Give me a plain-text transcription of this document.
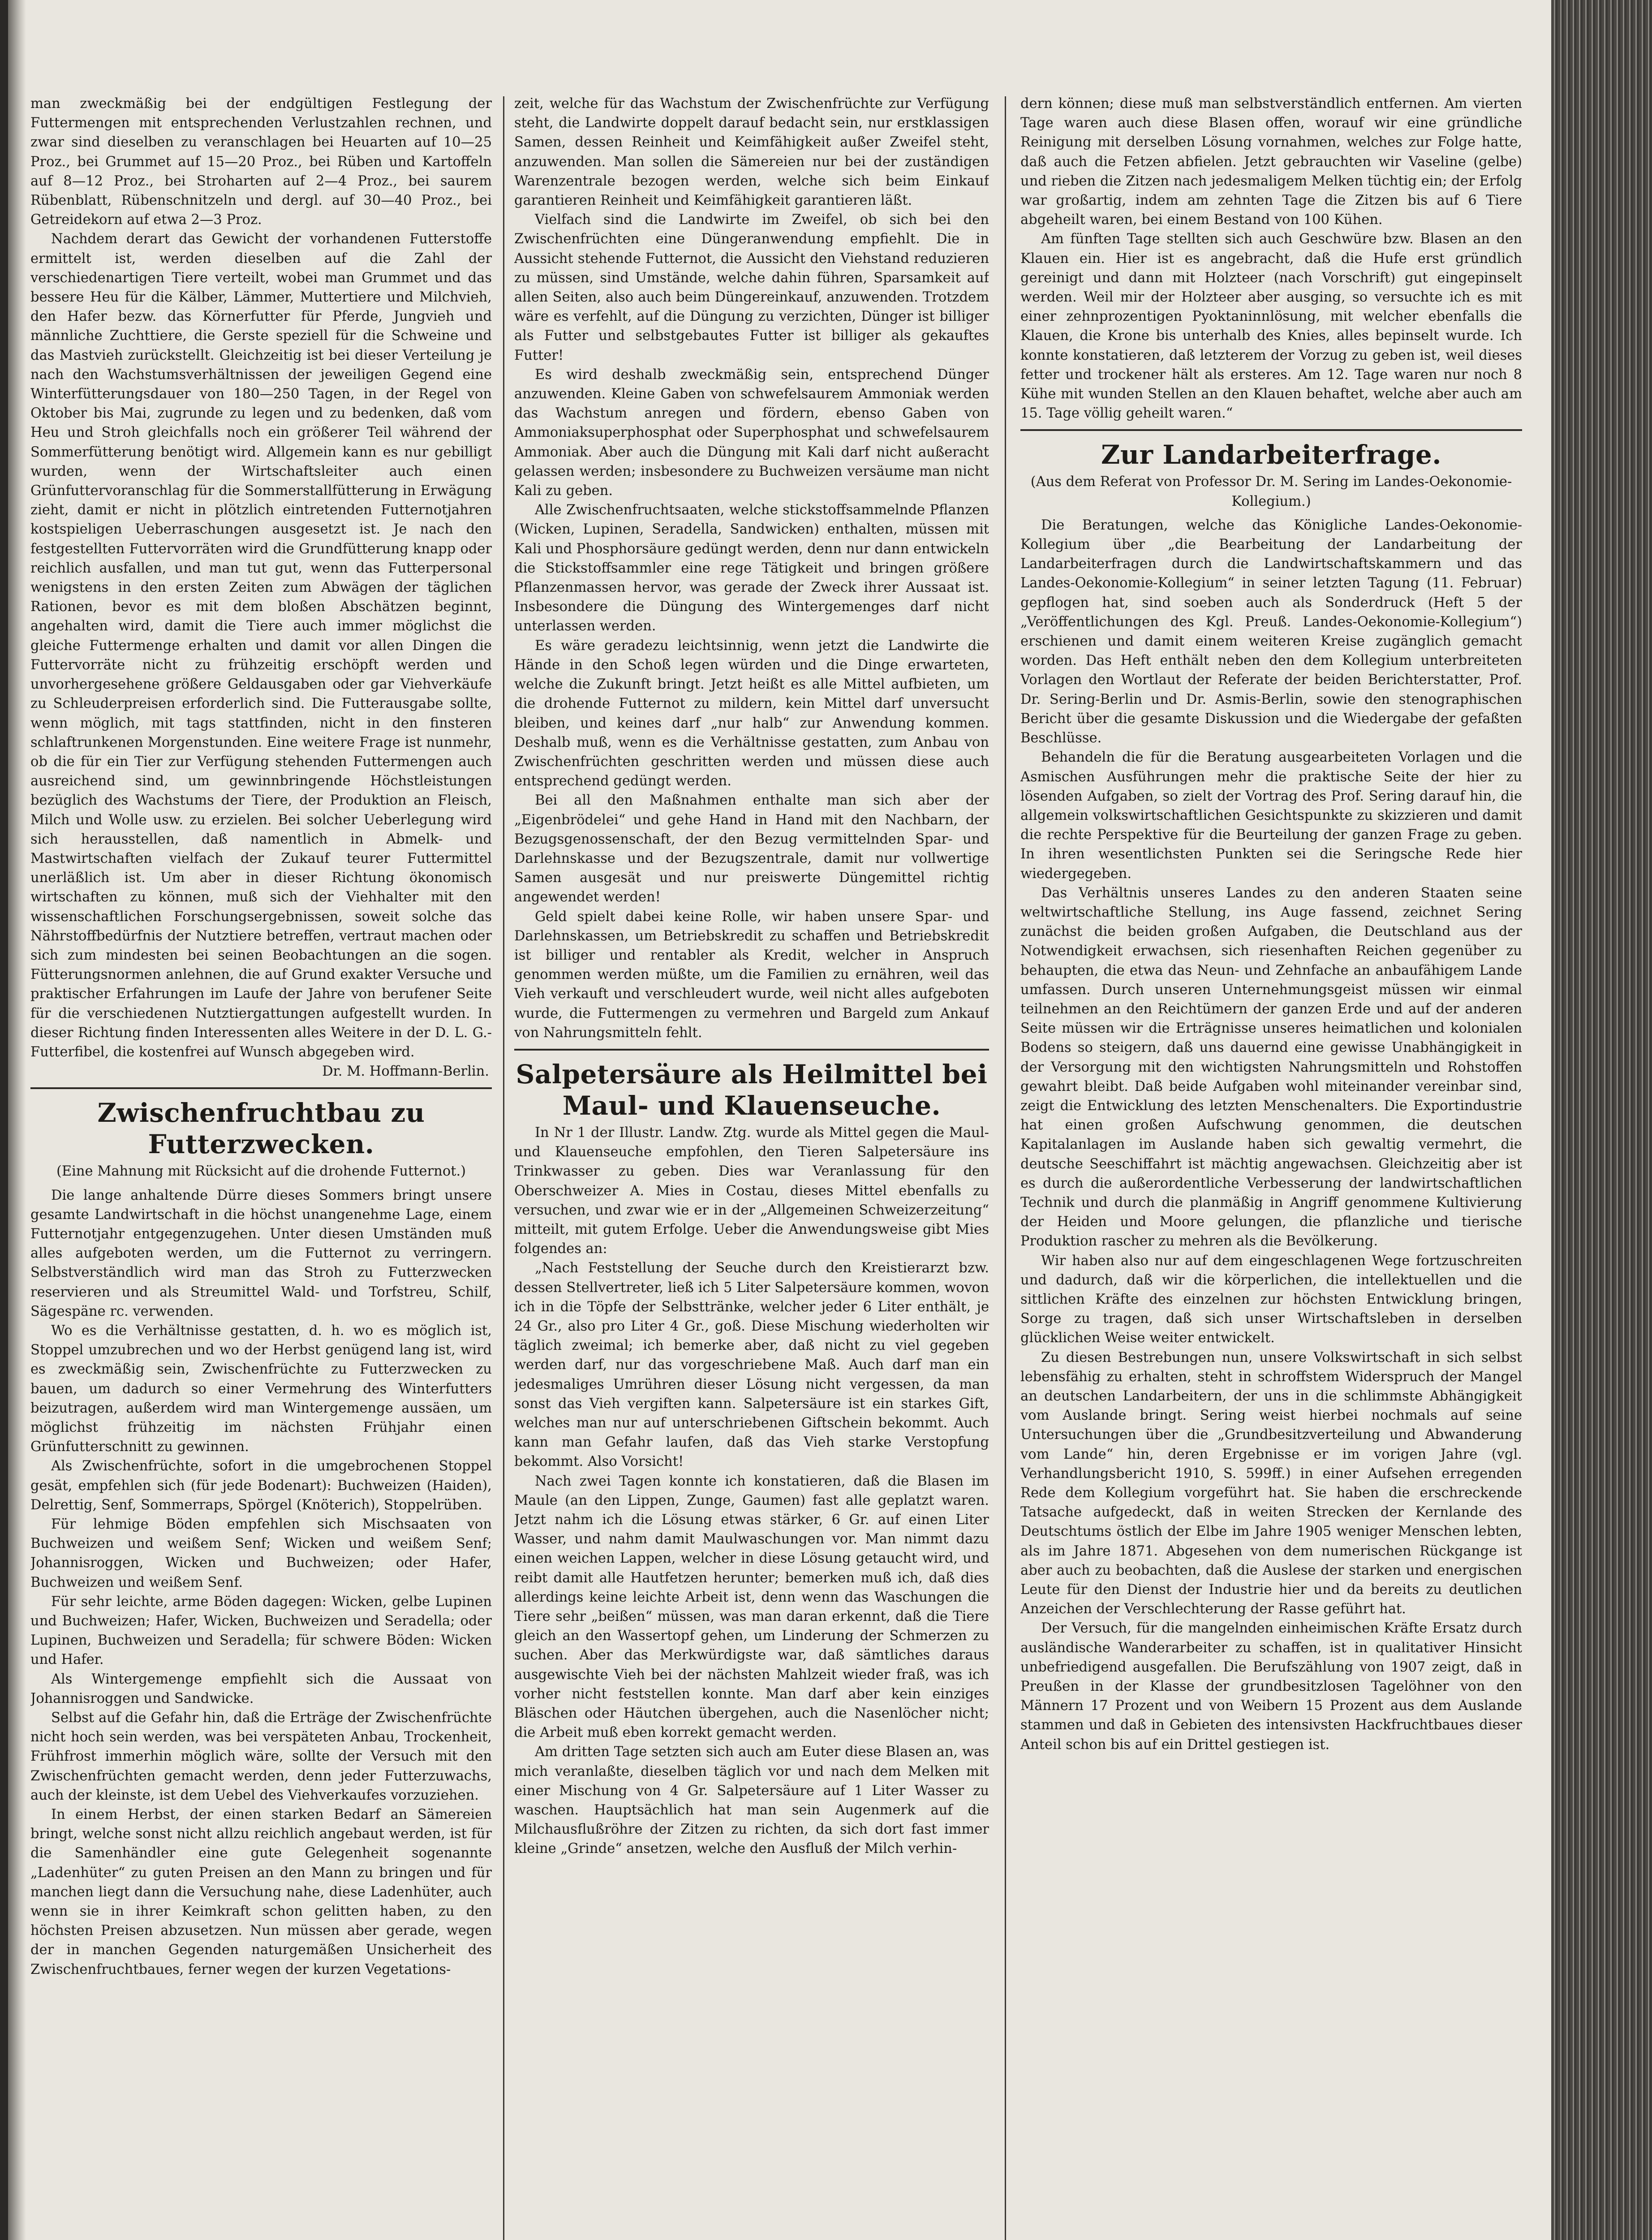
man zweckmäßig bei der endgültigen Festlegung der Futtermengen mit entsprechenden Verlustzahlen rechnen, und zwar sind dieselben zu veranschlagen bei Heuarten auf 10—25 Proz., bei Grummet auf 15—20 Proz., bei Rüben und Kartoffeln auf 8—12 Proz., bei Stroharten auf 2—4 Proz., bei saurem Rübenblatt, Rübenschnitzeln und dergl. auf 30—40 Proz., bei Getreidekorn auf etwa 2—3 Proz.

Nachdem derart das Gewicht der vorhandenen Futterstoffe ermittelt ist, werden dieselben auf die Zahl der verschiedenartigen Tiere verteilt, wobei man Grummet und das bessere Heu für die Kälber, Lämmer, Muttertiere und Milchvieh, den Hafer bezw. das Körnerfutter für Pferde, Jungvieh und männliche Zuchttiere, die Gerste speziell für die Schweine und das Mastvieh zurückstellt. Gleichzeitig ist bei dieser Verteilung je nach den Wachstumsverhältnissen der jeweiligen Gegend eine Winterfütterungsdauer von 180—250 Tagen, in der Regel von Oktober bis Mai, zugrunde zu legen und zu bedenken, daß vom Heu und Stroh gleichfalls noch ein größerer Teil während der Sommerfütterung benötigt wird. Allgemein kann es nur gebilligt wurden, wenn der Wirtschaftsleiter auch einen Grünfuttervoranschlag für die Sommerstallfütterung in Erwägung zieht, damit er nicht in plötzlich eintretenden Futternotjahren kostspieligen Ueberraschungen ausgesetzt ist. Je nach den festgestellten Futtervorräten wird die Grundfütterung knapp oder reichlich ausfallen, und man tut gut, wenn das Futterpersonal wenigstens in den ersten Zeiten zum Abwägen der täglichen Rationen, bevor es mit dem bloßen Abschätzen beginnt, angehalten wird, damit die Tiere auch immer möglichst die gleiche Futtermenge erhalten und damit vor allen Dingen die Futtervorräte nicht zu frühzeitig erschöpft werden und unvorhergesehene größere Geldausgaben oder gar Viehverkäufe zu Schleuderpreisen erforderlich sind. Die Futterausgabe sollte, wenn möglich, mit tags stattfinden, nicht in den finsteren schlaftrunkenen Morgenstunden. Eine weitere Frage ist nunmehr, ob die für ein Tier zur Verfügung stehenden Futtermengen auch ausreichend sind, um gewinnbringende Höchstleistungen bezüglich des Wachstums der Tiere, der Produktion an Fleisch, Milch und Wolle usw. zu erzielen. Bei solcher Ueberlegung wird sich herausstellen, daß namentlich in Abmelk- und Mastwirtschaften vielfach der Zukauf teurer Futtermittel unerläßlich ist. Um aber in dieser Richtung ökonomisch wirtschaften zu können, muß sich der Viehhalter mit den wissenschaftlichen Forschungsergebnissen, soweit solche das Nährstoffbedürfnis der Nutztiere betreffen, vertraut machen oder sich zum mindesten bei seinen Beobachtungen an die sogen. Fütterungsnormen anlehnen, die auf Grund exakter Versuche und praktischer Erfahrungen im Laufe der Jahre von berufener Seite für die verschiedenen Nutztiergattungen aufgestellt wurden. In dieser Richtung finden Interessenten alles Weitere in der D. L. G.-Futterfibel, die kostenfrei auf Wunsch abgegeben wird.

Dr. M. Hoffmann-Berlin.

Zwischenfruchtbau zu Futterzwecken.
(Eine Mahnung mit Rücksicht auf die drohende Futternot.)

Die lange anhaltende Dürre dieses Sommers bringt unsere gesamte Landwirtschaft in die höchst unangenehme Lage, einem Futternotjahr entgegenzugehen. Unter diesen Umständen muß alles aufgeboten werden, um die Futternot zu verringern. Selbstverständlich wird man das Stroh zu Futterzwecken reservieren und als Streumittel Wald- und Torfstreu, Schilf, Sägespäne rc. verwenden.

Wo es die Verhältnisse gestatten, d. h. wo es möglich ist, Stoppel umzubrechen und wo der Herbst genügend lang ist, wird es zweckmäßig sein, Zwischenfrüchte zu Futterzwecken zu bauen, um dadurch so einer Vermehrung des Winterfutters beizutragen, außerdem wird man Wintergemenge aussäen, um möglichst frühzeitig im nächsten Frühjahr einen Grünfutterschnitt zu gewinnen.

Als Zwischenfrüchte, sofort in die umgebrochenen Stoppel gesät, empfehlen sich (für jede Bodenart): Buchweizen (Haiden), Delrettig, Senf, Sommerraps, Spörgel (Knöterich), Stoppelrüben.

Für lehmige Böden empfehlen sich Mischsaaten von Buchweizen und weißem Senf; Wicken und weißem Senf; Johannisroggen, Wicken und Buchweizen; oder Hafer, Buchweizen und weißem Senf.

Für sehr leichte, arme Böden dagegen: Wicken, gelbe Lupinen und Buchweizen; Hafer, Wicken, Buchweizen und Seradella; oder Lupinen, Buchweizen und Seradella; für schwere Böden: Wicken und Hafer.

Als Wintergemenge empfiehlt sich die Aussaat von Johannisroggen und Sandwicke.

Selbst auf die Gefahr hin, daß die Erträge der Zwischenfrüchte nicht hoch sein werden, was bei verspäteten Anbau, Trockenheit, Frühfrost immerhin möglich wäre, sollte der Versuch mit den Zwischenfrüchten gemacht werden, denn jeder Futterzuwachs, auch der kleinste, ist dem Uebel des Viehverkaufes vorzuziehen.

In einem Herbst, der einen starken Bedarf an Sämereien bringt, welche sonst nicht allzu reichlich angebaut werden, ist für die Samenhändler eine gute Gelegenheit sogenannte „Ladenhüter“ zu guten Preisen an den Mann zu bringen und für manchen liegt dann die Versuchung nahe, diese Ladenhüter, auch wenn sie in ihrer Keimkraft schon gelitten haben, zu den höchsten Preisen abzusetzen. Nun müssen aber gerade, wegen der in manchen Gegenden naturgemäßen Unsicherheit des Zwischenfruchtbaues, ferner wegen der kurzen Vegetations-

zeit, welche für das Wachstum der Zwischenfrüchte zur Verfügung steht, die Landwirte doppelt darauf bedacht sein, nur erstklassigen Samen, dessen Reinheit und Keimfähigkeit außer Zweifel steht, anzuwenden. Man sollen die Sämereien nur bei der zuständigen Warenzentrale bezogen werden, welche sich beim Einkauf garantieren Reinheit und Keimfähigkeit garantieren läßt.

Vielfach sind die Landwirte im Zweifel, ob sich bei den Zwischenfrüchten eine Düngeranwendung empfiehlt. Die in Aussicht stehende Futternot, die Aussicht den Viehstand reduzieren zu müssen, sind Umstände, welche dahin führen, Sparsamkeit auf allen Seiten, also auch beim Düngereinkauf, anzuwenden. Trotzdem wäre es verfehlt, auf die Düngung zu verzichten, Dünger ist billiger als Futter und selbstgebautes Futter ist billiger als gekauftes Futter!

Es wird deshalb zweckmäßig sein, entsprechend Dünger anzuwenden. Kleine Gaben von schwefelsaurem Ammoniak werden das Wachstum anregen und fördern, ebenso Gaben von Ammoniaksuperphosphat oder Superphosphat und schwefelsaurem Ammoniak. Aber auch die Düngung mit Kali darf nicht außeracht gelassen werden; insbesondere zu Buchweizen versäume man nicht Kali zu geben.

Alle Zwischenfruchtsaaten, welche stickstoffsammelnde Pflanzen (Wicken, Lupinen, Seradella, Sandwicken) enthalten, müssen mit Kali und Phosphorsäure gedüngt werden, denn nur dann entwickeln die Stickstoffsammler eine rege Tätigkeit und bringen größere Pflanzenmassen hervor, was gerade der Zweck ihrer Aussaat ist. Insbesondere die Düngung des Wintergemenges darf nicht unterlassen werden.

Es wäre geradezu leichtsinnig, wenn jetzt die Landwirte die Hände in den Schoß legen würden und die Dinge erwarteten, welche die Zukunft bringt. Jetzt heißt es alle Mittel aufbieten, um die drohende Futternot zu mildern, kein Mittel darf unversucht bleiben, und keines darf „nur halb“ zur Anwendung kommen. Deshalb muß, wenn es die Verhältnisse gestatten, zum Anbau von Zwischenfrüchten geschritten werden und müssen diese auch entsprechend gedüngt werden.

Bei all den Maßnahmen enthalte man sich aber der „Eigenbrödelei“ und gehe Hand in Hand mit den Nachbarn, der Bezugsgenossenschaft, der den Bezug vermittelnden Spar- und Darlehnskasse und der Bezugszentrale, damit nur vollwertige Samen ausgesät und nur preiswerte Düngemittel richtig angewendet werden!

Geld spielt dabei keine Rolle, wir haben unsere Spar- und Darlehnskassen, um Betriebskredit zu schaffen und Betriebskredit ist billiger und rentabler als Kredit, welcher in Anspruch genommen werden müßte, um die Familien zu ernähren, weil das Vieh verkauft und verschleudert wurde, weil nicht alles aufgeboten wurde, die Futtermengen zu vermehren und Bargeld zum Ankauf von Nahrungsmitteln fehlt.

Salpetersäure als Heilmittel bei Maul- und Klauenseuche.

In Nr 1 der Illustr. Landw. Ztg. wurde als Mittel gegen die Maul- und Klauenseuche empfohlen, den Tieren Salpetersäure ins Trinkwasser zu geben. Dies war Veranlassung für den Oberschweizer A. Mies in Costau, dieses Mittel ebenfalls zu versuchen, und zwar wie er in der „Allgemeinen Schweizerzeitung“ mitteilt, mit gutem Erfolge. Ueber die Anwendungsweise gibt Mies folgendes an:

„Nach Feststellung der Seuche durch den Kreistierarzt bzw. dessen Stellvertreter, ließ ich 5 Liter Salpetersäure kommen, wovon ich in die Töpfe der Selbsttränke, welcher jeder 6 Liter enthält, je 24 Gr., also pro Liter 4 Gr., goß. Diese Mischung wiederholten wir täglich zweimal; ich bemerke aber, daß nicht zu viel gegeben werden darf, nur das vorgeschriebene Maß. Auch darf man ein jedesmaliges Umrühren dieser Lösung nicht vergessen, da man sonst das Vieh vergiften kann. Salpetersäure ist ein starkes Gift, welches man nur auf unterschriebenen Giftschein bekommt. Auch kann man Gefahr laufen, daß das Vieh starke Verstopfung bekommt. Also Vorsicht!

Nach zwei Tagen konnte ich konstatieren, daß die Blasen im Maule (an den Lippen, Zunge, Gaumen) fast alle geplatzt waren. Jetzt nahm ich die Lösung etwas stärker, 6 Gr. auf einen Liter Wasser, und nahm damit Maulwaschungen vor. Man nimmt dazu einen weichen Lappen, welcher in diese Lösung getaucht wird, und reibt damit alle Hautfetzen herunter; bemerken muß ich, daß dies allerdings keine leichte Arbeit ist, denn wenn das Waschungen die Tiere sehr „beißen“ müssen, was man daran erkennt, daß die Tiere gleich an den Wassertopf gehen, um Linderung der Schmerzen zu suchen. Aber das Merkwürdigste war, daß sämtliches daraus ausgewischte Vieh bei der nächsten Mahlzeit wieder fraß, was ich vorher nicht feststellen konnte. Man darf aber kein einziges Bläschen oder Häutchen übergehen, auch die Nasenlöcher nicht; die Arbeit muß eben korrekt gemacht werden.

Am dritten Tage setzten sich auch am Euter diese Blasen an, was mich veranlaßte, dieselben täglich vor und nach dem Melken mit einer Mischung von 4 Gr. Salpetersäure auf 1 Liter Wasser zu waschen. Hauptsächlich hat man sein Augenmerk auf die Milchausflußröhre der Zitzen zu richten, da sich dort fast immer kleine „Grinde“ ansetzen, welche den Ausfluß der Milch verhin-

dern können; diese muß man selbstverständlich entfernen. Am vierten Tage waren auch diese Blasen offen, worauf wir eine gründliche Reinigung mit derselben Lösung vornahmen, welches zur Folge hatte, daß auch die Fetzen abfielen. Jetzt gebrauchten wir Vaseline (gelbe) und rieben die Zitzen nach jedesmaligem Melken tüchtig ein; der Erfolg war großartig, indem am zehnten Tage die Zitzen bis auf 6 Tiere abgeheilt waren, bei einem Bestand von 100 Kühen.

Am fünften Tage stellten sich auch Geschwüre bzw. Blasen an den Klauen ein. Hier ist es angebracht, daß die Hufe erst gründlich gereinigt und dann mit Holzteer (nach Vorschrift) gut eingepinselt werden. Weil mir der Holzteer aber ausging, so versuchte ich es mit einer zehnprozentigen Pyoktaninnlösung, mit welcher ebenfalls die Klauen, die Krone bis unterhalb des Knies, alles bepinselt wurde. Ich konnte konstatieren, daß letzterem der Vorzug zu geben ist, weil dieses fetter und trockener hält als ersteres. Am 12. Tage waren nur noch 8 Kühe mit wunden Stellen an den Klauen behaftet, welche aber auch am 15. Tage völlig geheilt waren.“

Zur Landarbeiterfrage.
(Aus dem Referat von Professor Dr. M. Sering im Landes-Oekonomie-Kollegium.)

Die Beratungen, welche das Königliche Landes-Oekonomie-Kollegium über „die Bearbeitung der Landarbeitung der Landarbeiterfragen durch die Landwirtschaftskammern und das Landes-Oekonomie-Kollegium“ in seiner letzten Tagung (11. Februar) gepflogen hat, sind soeben auch als Sonderdruck (Heft 5 der „Veröffentlichungen des Kgl. Preuß. Landes-Oekonomie-Kollegium“) erschienen und damit einem weiteren Kreise zugänglich gemacht worden. Das Heft enthält neben den dem Kollegium unterbreiteten Vorlagen den Wortlaut der Referate der beiden Berichterstatter, Prof. Dr. Sering-Berlin und Dr. Asmis-Berlin, sowie den stenographischen Bericht über die gesamte Diskussion und die Wiedergabe der gefaßten Beschlüsse.

Behandeln die für die Beratung ausgearbeiteten Vorlagen und die Asmischen Ausführungen mehr die praktische Seite der hier zu lösenden Aufgaben, so zielt der Vortrag des Prof. Sering darauf hin, die allgemein volkswirtschaftlichen Gesichtspunkte zu skizzieren und damit die rechte Perspektive für die Beurteilung der ganzen Frage zu geben. In ihren wesentlichsten Punkten sei die Seringsche Rede hier wiedergegeben.

Das Verhältnis unseres Landes zu den anderen Staaten seine weltwirtschaftliche Stellung, ins Auge fassend, zeichnet Sering zunächst die beiden großen Aufgaben, die Deutschland aus der Notwendigkeit erwachsen, sich riesenhaften Reichen gegenüber zu behaupten, die etwa das Neun- und Zehnfache an anbaufähigem Lande umfassen. Durch unseren Unternehmungsgeist müssen wir einmal teilnehmen an den Reichtümern der ganzen Erde und auf der anderen Seite müssen wir die Erträgnisse unseres heimatlichen und kolonialen Bodens so steigern, daß uns dauernd eine gewisse Unabhängigkeit in der Versorgung mit den wichtigsten Nahrungsmitteln und Rohstoffen gewahrt bleibt. Daß beide Aufgaben wohl miteinander vereinbar sind, zeigt die Entwicklung des letzten Menschenalters. Die Exportindustrie hat einen großen Aufschwung genommen, die deutschen Kapitalanlagen im Auslande haben sich gewaltig vermehrt, die deutsche Seeschiffahrt ist mächtig angewachsen. Gleichzeitig aber ist es durch die außerordentliche Verbesserung der landwirtschaftlichen Technik und durch die planmäßig in Angriff genommene Kultivierung der Heiden und Moore gelungen, die pflanzliche und tierische Produktion rascher zu mehren als die Bevölkerung.

Wir haben also nur auf dem eingeschlagenen Wege fortzuschreiten und dadurch, daß wir die körperlichen, die intellektuellen und die sittlichen Kräfte des einzelnen zur höchsten Entwicklung bringen, Sorge zu tragen, daß sich unser Wirtschaftsleben in derselben glücklichen Weise weiter entwickelt.

Zu diesen Bestrebungen nun, unsere Volkswirtschaft in sich selbst lebensfähig zu erhalten, steht in schroffstem Widerspruch der Mangel an deutschen Landarbeitern, der uns in die schlimmste Abhängigkeit vom Auslande bringt. Sering weist hierbei nochmals auf seine Untersuchungen über die „Grundbesitzverteilung und Abwanderung vom Lande“ hin, deren Ergebnisse er im vorigen Jahre (vgl. Verhandlungsbericht 1910, S. 599ff.) in einer Aufsehen erregenden Rede dem Kollegium vorgeführt hat. Sie haben die erschreckende Tatsache aufgedeckt, daß in weiten Strecken der Kernlande des Deutschtums östlich der Elbe im Jahre 1905 weniger Menschen lebten, als im Jahre 1871. Abgesehen von dem numerischen Rückgange ist aber auch zu beobachten, daß die Auslese der starken und energischen Leute für den Dienst der Industrie hier und da bereits zu deutlichen Anzeichen der Verschlechterung der Rasse geführt hat.

Der Versuch, für die mangelnden einheimischen Kräfte Ersatz durch ausländische Wanderarbeiter zu schaffen, ist in qualitativer Hinsicht unbefriedigend ausgefallen. Die Berufszählung von 1907 zeigt, daß in Preußen in der Klasse der grundbesitzlosen Tagelöhner von den Männern 17 Prozent und von Weibern 15 Prozent aus dem Auslande stammen und daß in Gebieten des intensivsten Hackfruchtbaues dieser Anteil schon bis auf ein Drittel gestiegen ist.
